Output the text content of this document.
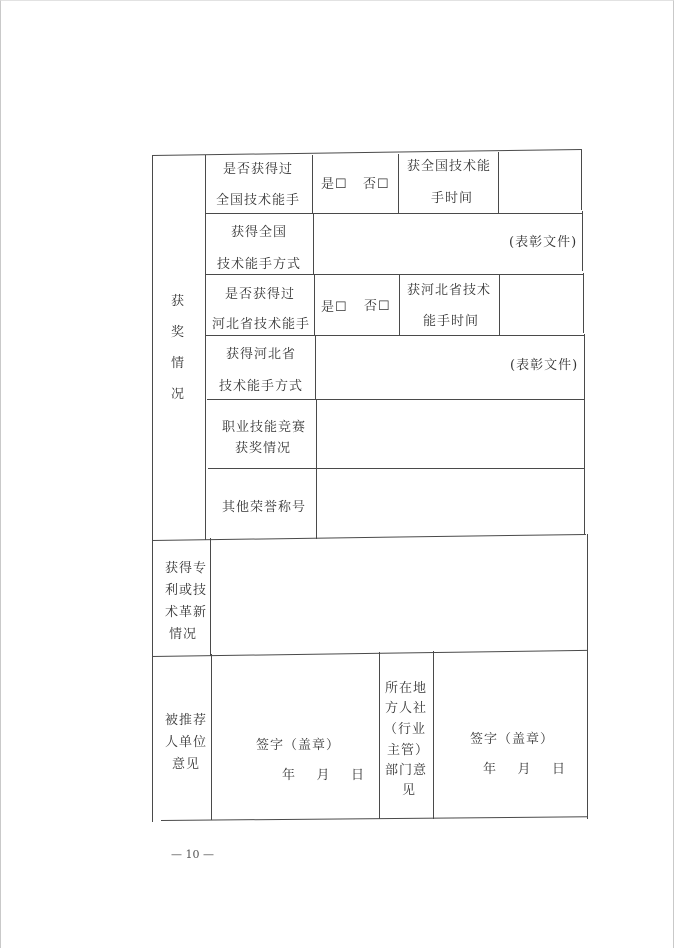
获
奖
情
况
是否获得过
全国技术能手
是☐ 否☐
获全国技术能
手时间
获得全国
技术能手方式
(表彰文件)
是否获得过
河北省技术能手
是☐ 否☐
获河北省技术
能手时间
获得河北省
技术能手方式
(表彰文件)
职业技能竞赛
获奖情况
其他荣誉称号
获得专
利或技
术革新
情况
被推荐
人单位
意见
签字（盖章）
年    月    日
所在地
方人社
（行业
主管）
部门意
见
签字（盖章）
年    月    日
— 10 —
